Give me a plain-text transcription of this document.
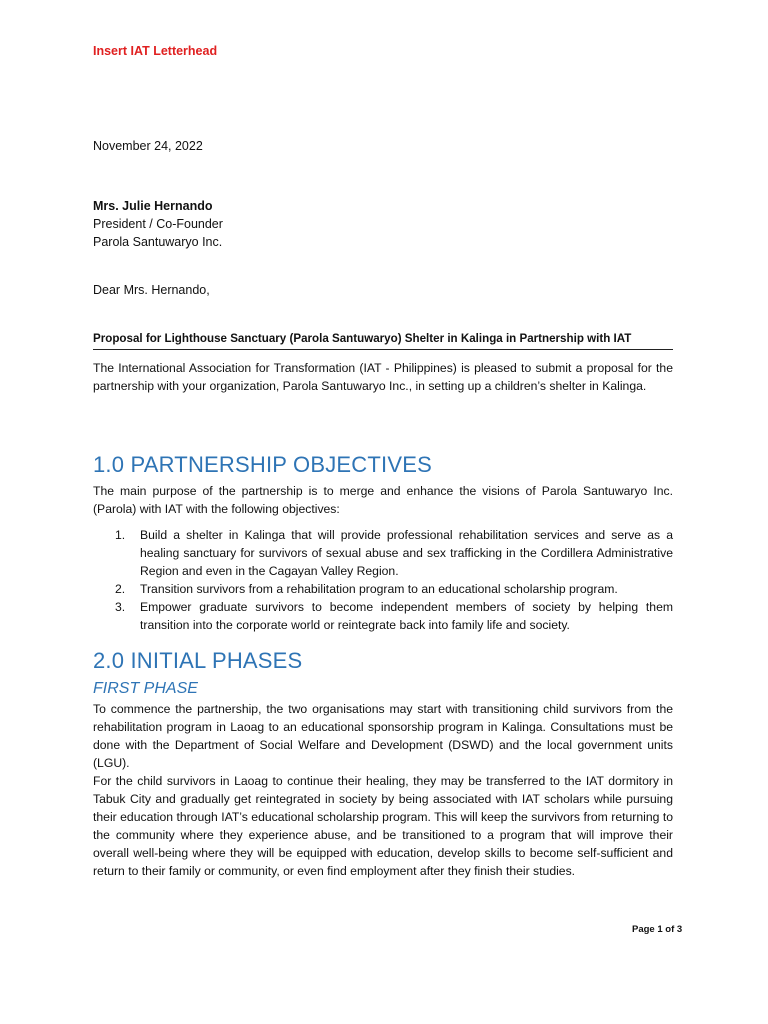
Insert IAT Letterhead
November 24, 2022
Mrs. Julie Hernando
President / Co-Founder
Parola Santuwaryo Inc.
Dear Mrs. Hernando,
Proposal for Lighthouse Sanctuary (Parola Santuwaryo) Shelter in Kalinga in Partnership with IAT
The International Association for Transformation (IAT - Philippines) is pleased to submit a proposal for the partnership with your organization, Parola Santuwaryo Inc., in setting up a children’s shelter in Kalinga.
1.0 PARTNERSHIP OBJECTIVES
The main purpose of the partnership is to merge and enhance the visions of Parola Santuwaryo Inc. (Parola) with IAT with the following objectives:
1. Build a shelter in Kalinga that will provide professional rehabilitation services and serve as a healing sanctuary for survivors of sexual abuse and sex trafficking in the Cordillera Administrative Region and even in the Cagayan Valley Region.
2. Transition survivors from a rehabilitation program to an educational scholarship program.
3. Empower graduate survivors to become independent members of society by helping them transition into the corporate world or reintegrate back into family life and society.
2.0 INITIAL PHASES
FIRST PHASE
To commence the partnership, the two organisations may start with transitioning child survivors from the rehabilitation program in Laoag to an educational sponsorship program in Kalinga. Consultations must be done with the Department of Social Welfare and Development (DSWD) and the local government units (LGU).
For the child survivors in Laoag to continue their healing, they may be transferred to the IAT dormitory in Tabuk City and gradually get reintegrated in society by being associated with IAT scholars while pursuing their education through IAT’s educational scholarship program. This will keep the survivors from returning to the community where they experience abuse, and be transitioned to a program that will improve their overall well-being where they will be equipped with education, develop skills to become self-sufficient and return to their family or community, or even find employment after they finish their studies.
Page 1 of 3
